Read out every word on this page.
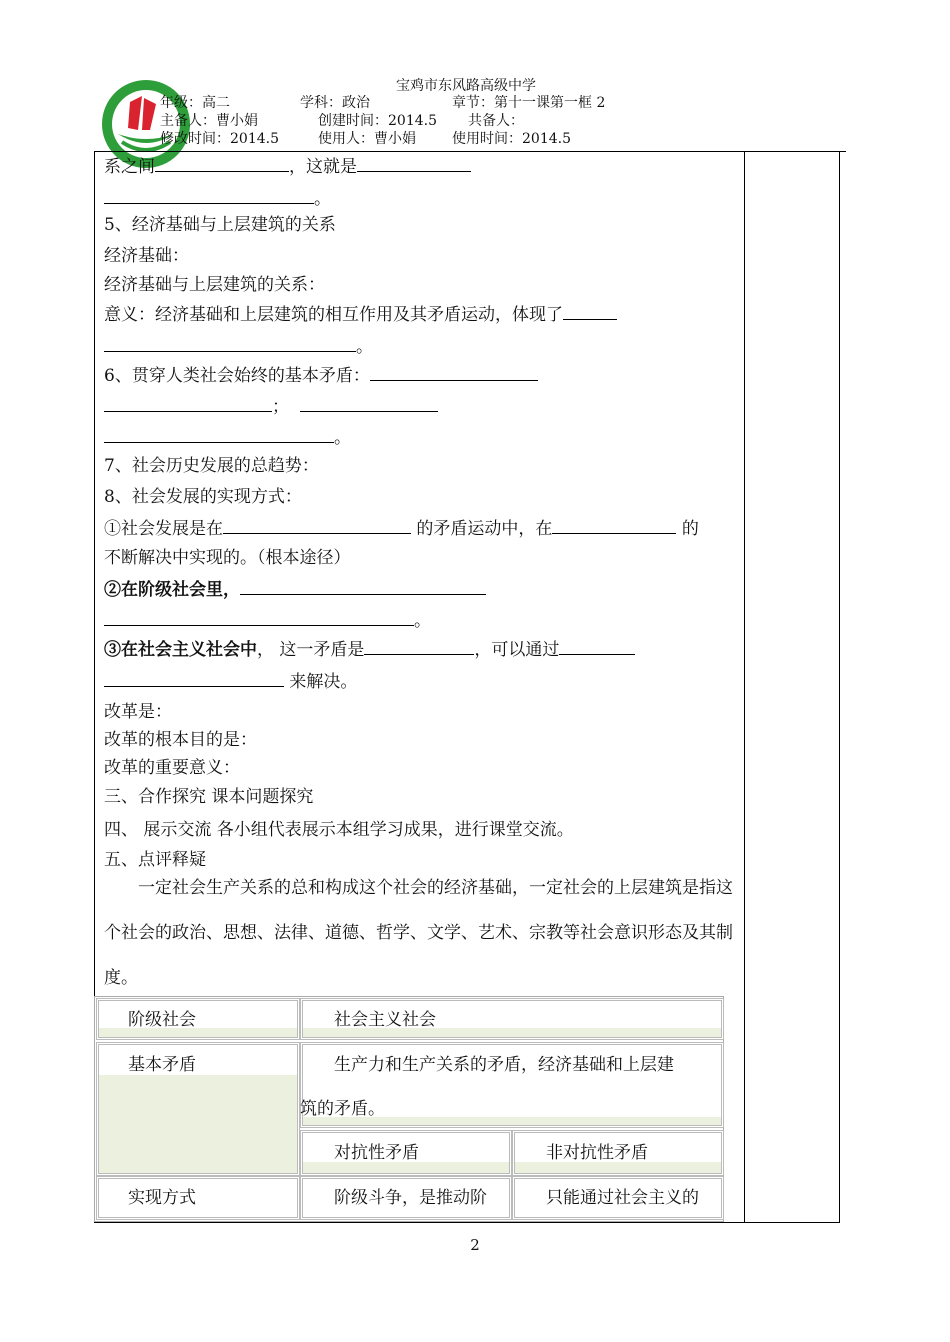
宝鸡市东风路高级中学
年级：高二	学科：政治	章节：第十一课第一框 2
主备人：曹小娟	创建时间：2014.5 共备人：
修改时间：2014.5	使用人：曹小娟	使用时间：2014.5
系之间	，这就是
。
5、经济基础与上层建筑的关系
经济基础：
经济基础与上层建筑的关系：
意义：经济基础和上层建筑的相互作用及其矛盾运动，体现了
。
6、贯穿人类社会始终的基本矛盾：
；
。
7、社会历史发展的总趋势：
8、社会发展的实现方式：
①社会发展是在	的矛盾运动中，在	的
不断解决中实现的。（根本途径）
②在阶级社会里，
。
③在社会主义社会中， 这一矛盾是	，可以通过
来解决。
改革是：
改革的根本目的是：
改革的重要意义：
三、合作探究 课本问题探究
四、 展示交流 各小组代表展示本组学习成果，进行课堂交流。
五、点评释疑

一定社会生产关系的总和构成这个社会的经济基础，一定社会的上层建筑是指这个社会的政治、思想、法律、道德、哲学、文学、艺术、宗教等社会意识形态及其制度。

阶级社会	社会主义社会
基本矛盾	生产力和生产关系的矛盾，经济基础和上层建
筑的矛盾。
对抗性矛盾	非对抗性矛盾
实现方式	阶级斗争，是推动阶	只能通过社会主义的
2
